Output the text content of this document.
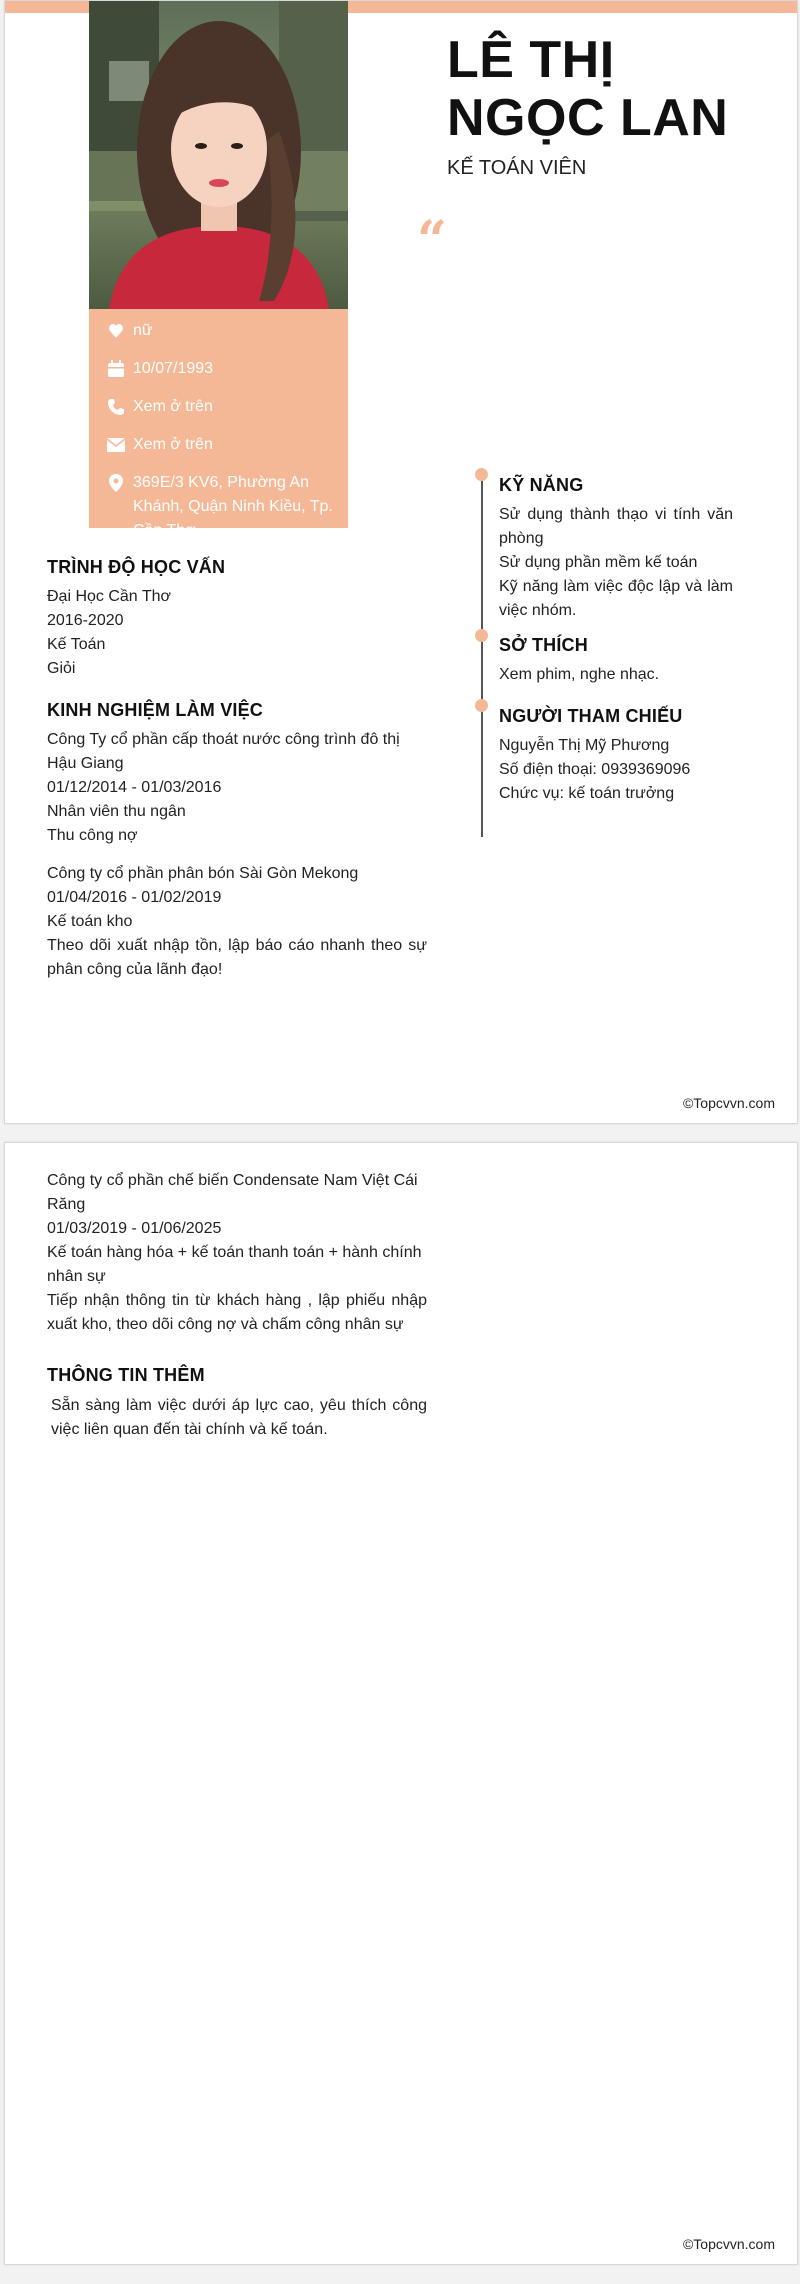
nữ
10/07/1993
Xem ở trên
Xem ở trên
369E/3 KV6, Phường An Khánh, Quận Ninh Kiều, Tp. Cần Thơ
LÊ THỊ NGỌC LAN
KẾ TOÁN VIÊN
“
KỸ NĂNG
Sử dụng thành thạo vi tính văn phòng
Sử dụng phần mềm kế toán
Kỹ năng làm việc độc lập và làm việc nhóm.
SỞ THÍCH
Xem phim, nghe nhạc.
NGƯỜI THAM CHIẾU
Nguyễn Thị Mỹ Phương
Số điện thoại: 0939369096
Chức vụ: kế toán trưởng
TRÌNH ĐỘ HỌC VẤN
Đại Học Cần Thơ
2016-2020
Kế Toán
Giỏi
KINH NGHIỆM LÀM VIỆC
Công Ty cổ phần cấp thoát nước công trình đô thị Hậu Giang
01/12/2014 - 01/03/2016
Nhân viên thu ngân
Thu công nợ
Công ty cổ phần phân bón Sài Gòn Mekong
01/04/2016 - 01/02/2019
Kế toán kho
Theo dõi xuất nhập tồn, lập báo cáo nhanh theo sự phân công của lãnh đạo!
©Topcvvn.com
Công ty cổ phần chế biến Condensate Nam Việt Cái Răng
01/03/2019 - 01/06/2025
Kế toán hàng hóa + kế toán thanh toán + hành chính nhân sự
Tiếp nhận thông tin từ khách hàng , lập phiếu nhập xuất kho, theo dõi công nợ và chấm công nhân sự
THÔNG TIN THÊM
Sẵn sàng làm việc dưới áp lực cao, yêu thích công việc liên quan đến tài chính và kế toán.
©Topcvvn.com
